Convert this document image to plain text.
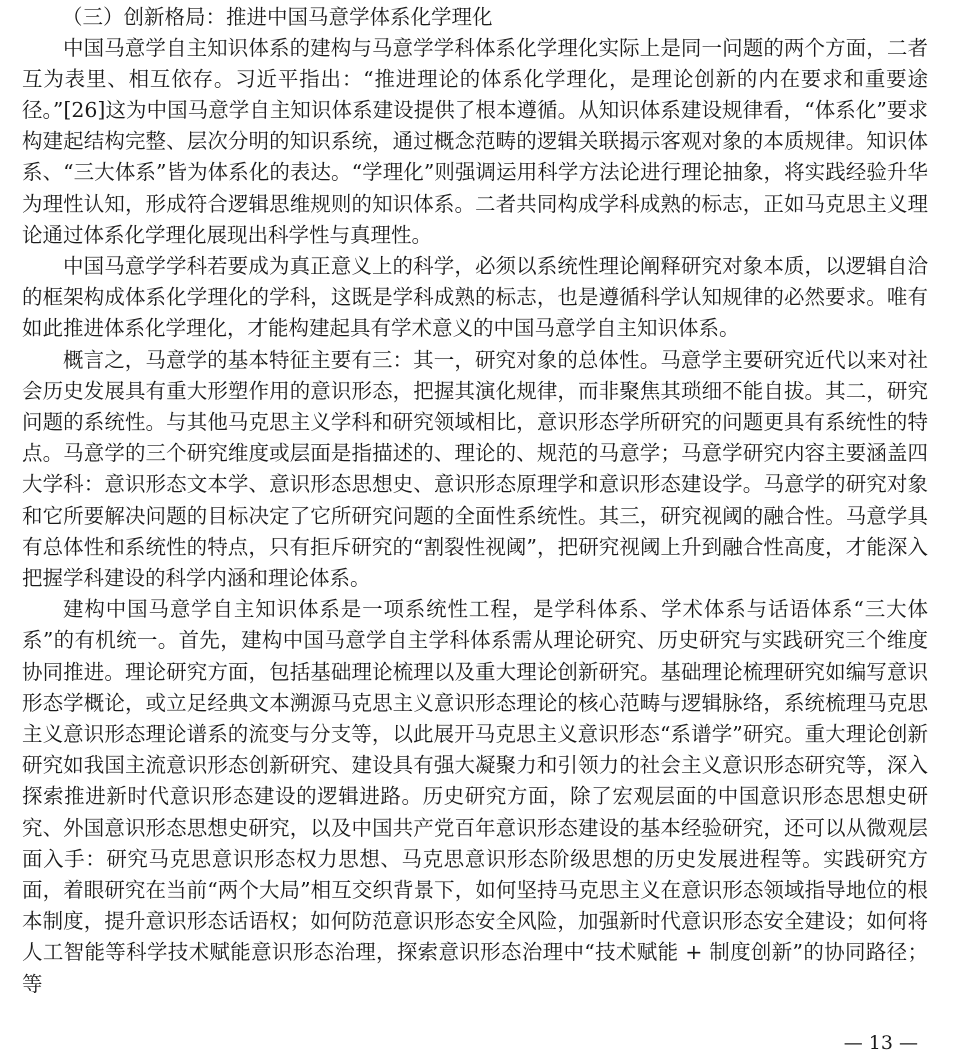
（三）创新格局：推进中国马意学体系化学理化

中国马意学自主知识体系的建构与马意学学科体系化学理化实际上是同一问题的两个方面，二者互为表里、相互依存。习近平指出：“推进理论的体系化学理化，是理论创新的内在要求和重要途径。”[26]这为中国马意学自主知识体系建设提供了根本遵循。从知识体系建设规律看，“体系化”要求构建起结构完整、层次分明的知识系统，通过概念范畴的逻辑关联揭示客观对象的本质规律。知识体系、“三大体系”皆为体系化的表达。“学理化”则强调运用科学方法论进行理论抽象，将实践经验升华为理性认知，形成符合逻辑思维规则的知识体系。二者共同构成学科成熟的标志，正如马克思主义理论通过体系化学理化展现出科学性与真理性。

中国马意学学科若要成为真正意义上的科学，必须以系统性理论阐释研究对象本质，以逻辑自洽的框架构成体系化学理化的学科，这既是学科成熟的标志，也是遵循科学认知规律的必然要求。唯有如此推进体系化学理化，才能构建起具有学术意义的中国马意学自主知识体系。

概言之，马意学的基本特征主要有三：其一，研究对象的总体性。马意学主要研究近代以来对社会历史发展具有重大形塑作用的意识形态，把握其演化规律，而非聚焦其琐细不能自拔。其二，研究问题的系统性。与其他马克思主义学科和研究领域相比，意识形态学所研究的问题更具有系统性的特点。马意学的三个研究维度或层面是指描述的、理论的、规范的马意学；马意学研究内容主要涵盖四大学科：意识形态文本学、意识形态思想史、意识形态原理学和意识形态建设学。马意学的研究对象和它所要解决问题的目标决定了它所研究问题的全面性系统性。其三，研究视阈的融合性。马意学具有总体性和系统性的特点，只有拒斥研究的“割裂性视阈”，把研究视阈上升到融合性高度，才能深入把握学科建设的科学内涵和理论体系。

建构中国马意学自主知识体系是一项系统性工程，是学科体系、学术体系与话语体系“三大体系”的有机统一。首先，建构中国马意学自主学科体系需从理论研究、历史研究与实践研究三个维度协同推进。理论研究方面，包括基础理论梳理以及重大理论创新研究。基础理论梳理研究如编写意识形态学概论，或立足经典文本溯源马克思主义意识形态理论的核心范畴与逻辑脉络，系统梳理马克思主义意识形态理论谱系的流变与分支等，以此展开马克思主义意识形态“系谱学”研究。重大理论创新研究如我国主流意识形态创新研究、建设具有强大凝聚力和引领力的社会主义意识形态研究等，深入探索推进新时代意识形态建设的逻辑进路。历史研究方面，除了宏观层面的中国意识形态思想史研究、外国意识形态思想史研究，以及中国共产党百年意识形态建设的基本经验研究，还可以从微观层面入手：研究马克思意识形态权力思想、马克思意识形态阶级思想的历史发展进程等。实践研究方面，着眼研究在当前“两个大局”相互交织背景下，如何坚持马克思主义在意识形态领域指导地位的根本制度，提升意识形态话语权；如何防范意识形态安全风险，加强新时代意识形态安全建设；如何将人工智能等科学技术赋能意识形态治理，探索意识形态治理中“技术赋能 + 制度创新”的协同路径；等

— 13 —
